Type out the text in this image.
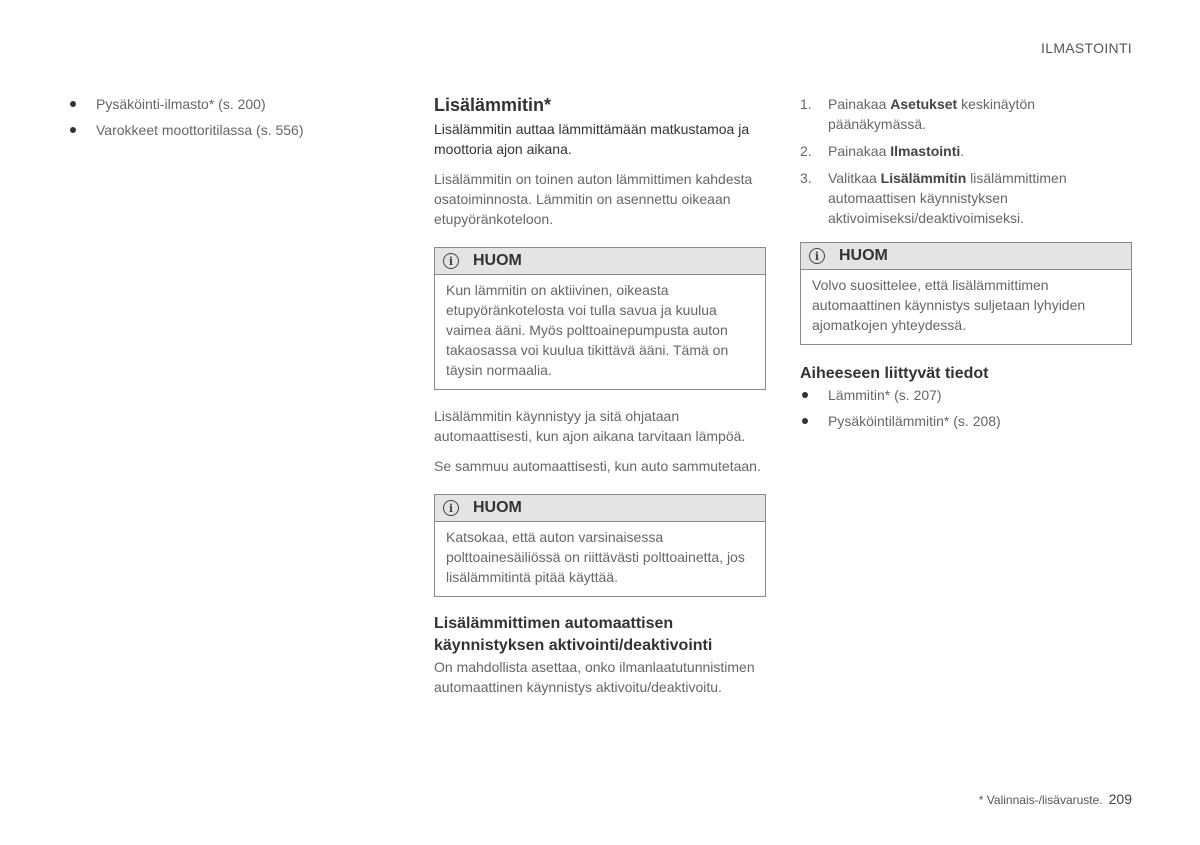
ILMASTOINTI
Pysäköinti-ilmasto* (s. 200)
Varokkeet moottoritilassa (s. 556)
Lisälämmitin*

Lisälämmitin auttaa lämmittämään matkustamoa ja moottoria ajon aikana.

Lisälämmitin on toinen auton lämmittimen kahdesta osatoiminnosta. Lämmitin on asennettu oikeaan etupyöränkoteloon.

i	HUOM
Kun lämmitin on aktiivinen, oikeasta etupyöränkotelosta voi tulla savua ja kuulua vaimea ääni. Myös polttoainepumpusta auton takaosassa voi kuulua tikittävä ääni. Tämä on täysin normaalia.

Lisälämmitin käynnistyy ja sitä ohjataan automaattisesti, kun ajon aikana tarvitaan lämpöä.

Se sammuu automaattisesti, kun auto sammutetaan.

i	HUOM
Katsokaa, että auton varsinaisessa polttoainesäiliössä on riittävästi polttoainetta, jos lisälämmitintä pitää käyttää.
Lisälämmittimen automaattisen käynnistyksen aktivointi/deaktivointi

On mahdollista asettaa, onko ilmanlaatutunnistimen automaattinen käynnistys aktivoitu/deaktivoitu.

1. Painakaa Asetukset keskinäytön päänäkymässä.
2. Painakaa Ilmastointi.
3. Valitkaa Lisälämmitin lisälämmittimen automaattisen käynnistyksen aktivoimiseksi/deaktivoimiseksi.
i	HUOM
Volvo suosittelee, että lisälämmittimen automaattinen käynnistys suljetaan lyhyiden ajomatkojen yhteydessä.
Aiheeseen liittyvät tiedot
Lämmitin* (s. 207)
Pysäköintilämmitin* (s. 208)
* Valinnais-/lisävaruste. 209
